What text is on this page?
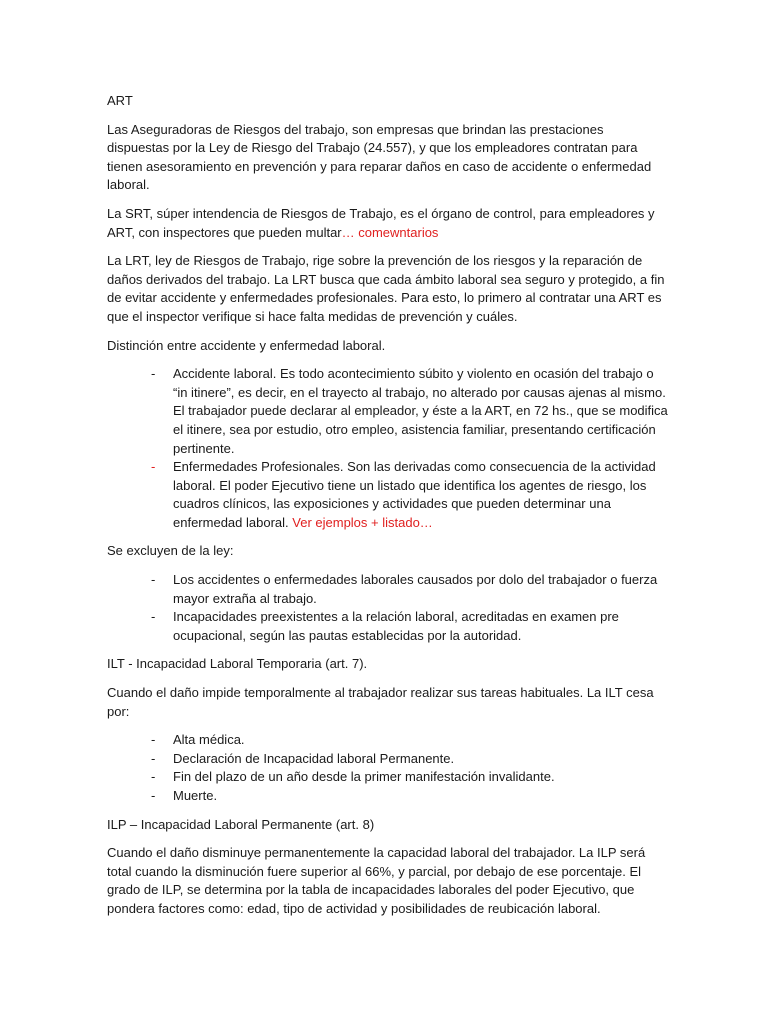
ART

Las Aseguradoras de Riesgos del trabajo, son empresas que brindan las prestaciones dispuestas por la Ley de Riesgo del Trabajo (24.557), y que los empleadores contratan para tienen asesoramiento en prevención y para reparar daños en caso de accidente o enfermedad laboral.

La SRT, súper intendencia de Riesgos de Trabajo, es el órgano de control, para empleadores y ART, con inspectores que pueden multar… comewntarios

La LRT, ley de Riesgos de Trabajo, rige sobre la prevención de los riesgos y la reparación de daños derivados del trabajo. La LRT busca que cada ámbito laboral sea seguro y protegido, a fin de evitar accidente y enfermedades profesionales. Para esto, lo primero al contratar una ART es que el inspector verifique si hace falta medidas de prevención y cuáles.

Distinción entre accidente y enfermedad laboral.

- Accidente laboral. Es todo acontecimiento súbito y violento en ocasión del trabajo o “in itinere”, es decir, en el trayecto al trabajo, no alterado por causas ajenas al mismo. El trabajador puede declarar al empleador, y éste a la ART, en 72 hs., que se modifica el itinere, sea por estudio, otro empleo, asistencia familiar, presentando certificación pertinente.
- Enfermedades Profesionales. Son las derivadas como consecuencia de la actividad laboral. El poder Ejecutivo tiene un listado que identifica los agentes de riesgo, los cuadros clínicos, las exposiciones y actividades que pueden determinar una enfermedad laboral. Ver ejemplos + listado…

Se excluyen de la ley:

- Los accidentes o enfermedades laborales causados por dolo del trabajador o fuerza mayor extraña al trabajo.
- Incapacidades preexistentes a la relación laboral, acreditadas en examen pre ocupacional, según las pautas establecidas por la autoridad.

ILT - Incapacidad Laboral Temporaria (art. 7).

Cuando el daño impide temporalmente al trabajador realizar sus tareas habituales. La ILT cesa por:

- Alta médica.
- Declaración de Incapacidad laboral Permanente.
- Fin del plazo de un año desde la primer manifestación invalidante.
- Muerte.

ILP – Incapacidad Laboral Permanente (art. 8)

Cuando el daño disminuye permanentemente la capacidad laboral del trabajador. La ILP será total cuando la disminución fuere superior al 66%, y parcial, por debajo de ese porcentaje. El grado de ILP, se determina por la tabla de incapacidades laborales del poder Ejecutivo, que pondera factores como: edad, tipo de actividad y posibilidades de reubicación laboral.
